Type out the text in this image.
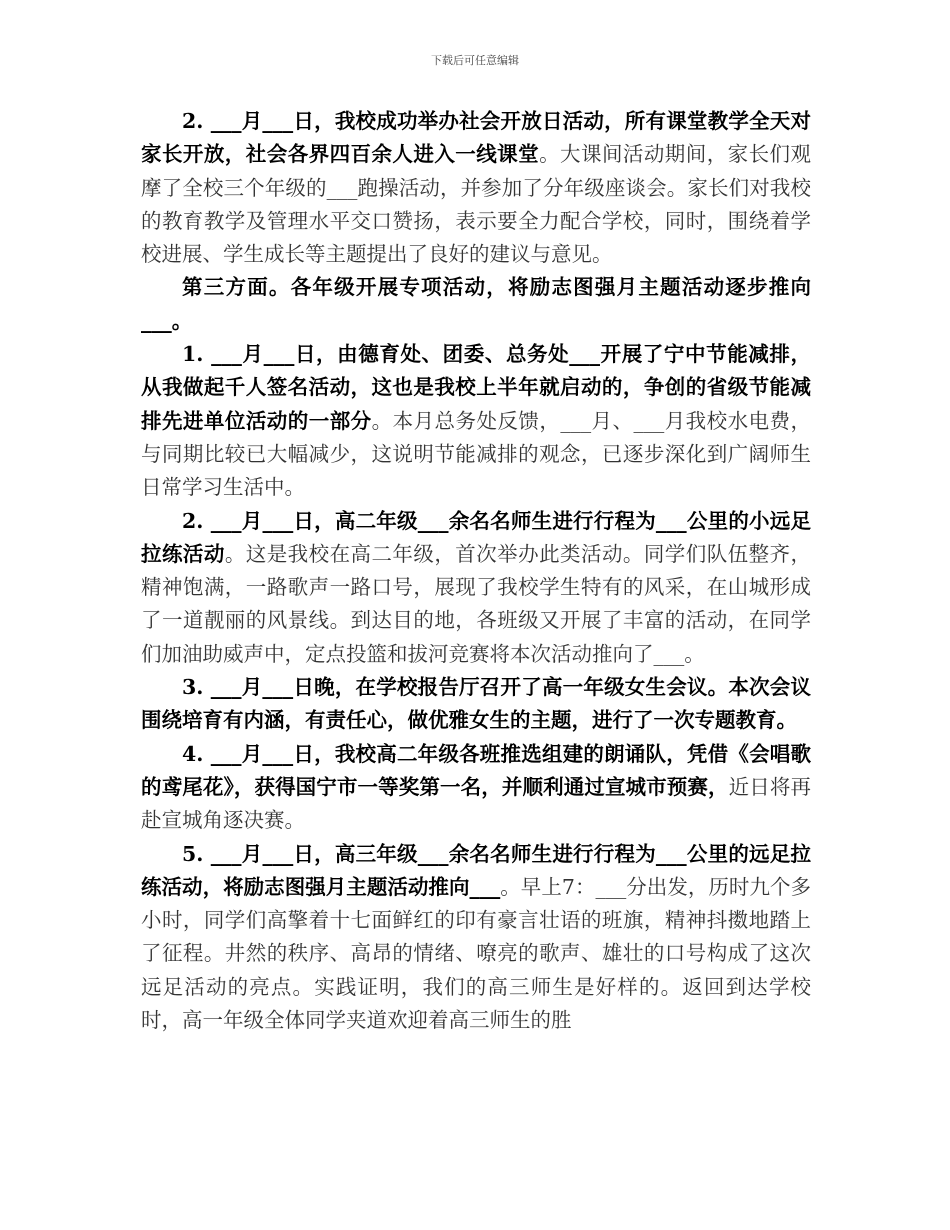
下载后可任意编辑

2. ___月___日，我校成功举办社会开放日活动，所有课堂教学全天对家长开放，社会各界四百余人进入一线课堂。大课间活动期间，家长们观摩了全校三个年级的___跑操活动，并参加了分年级座谈会。家长们对我校的教育教学及管理水平交口赞扬，表示要全力配合学校，同时，围绕着学校进展、学生成长等主题提出了良好的建议与意见。

第三方面。各年级开展专项活动，将励志图强月主题活动逐步推向___。

1. ___月___日，由德育处、团委、总务处___开展了宁中节能减排，从我做起千人签名活动，这也是我校上半年就启动的，争创的省级节能减排先进单位活动的一部分。本月总务处反馈，___月、___月我校水电费，与同期比较已大幅减少，这说明节能减排的观念，已逐步深化到广阔师生日常学习生活中。

2. ___月___日，高二年级___余名名师生进行行程为___公里的小远足拉练活动。这是我校在高二年级，首次举办此类活动。同学们队伍整齐，精神饱满，一路歌声一路口号，展现了我校学生特有的风采，在山城形成了一道靓丽的风景线。到达目的地，各班级又开展了丰富的活动，在同学们加油助威声中，定点投篮和拔河竞赛将本次活动推向了___。

3. ___月___日晚，在学校报告厅召开了高一年级女生会议。本次会议围绕培育有内涵，有责任心，做优雅女生的主题，进行了一次专题教育。

4. ___月___日，我校高二年级各班推选组建的朗诵队，凭借《会唱歌的鸢尾花》，获得国宁市一等奖第一名，并顺利通过宣城市预赛，近日将再赴宣城角逐决赛。

5. ___月___日，高三年级___余名名师生进行行程为___公里的远足拉练活动，将励志图强月主题活动推向___。早上7：___分出发，历时九个多小时，同学们高擎着十七面鲜红的印有豪言壮语的班旗，精神抖擞地踏上了征程。井然的秩序、高昂的情绪、嘹亮的歌声、雄壮的口号构成了这次远足活动的亮点。实践证明，我们的高三师生是好样的。返回到达学校时，高一年级全体同学夹道欢迎着高三师生的胜
